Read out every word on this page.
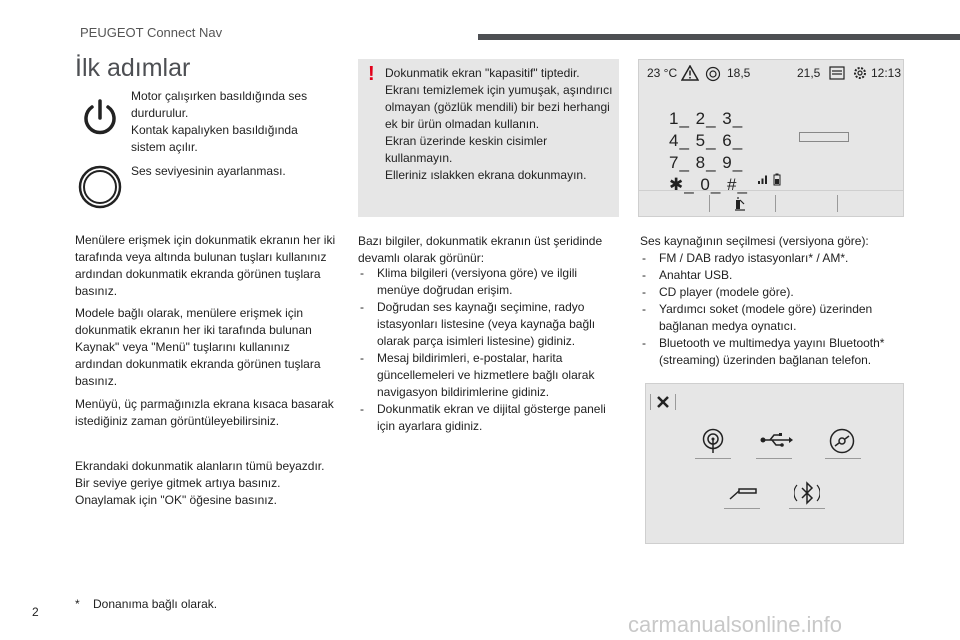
PEUGEOT Connect Nav
İlk adımlar
Motor çalışırken basıldığında ses durdurulur.
Kontak kapalıyken basıldığında sistem açılır.
Ses seviyesinin ayarlanması.
Menülere erişmek için dokunmatik ekranın her iki tarafında veya altında bulunan tuşları kullanınız ardından dokunmatik ekranda görünen tuşlara basınız.
Modele bağlı olarak, menülere erişmek için dokunmatik ekranın her iki tarafında bulunan Kaynak" veya "Menü" tuşlarını kullanınız ardından dokunmatik ekranda görünen tuşlara basınız.
Menüyü, üç parmağınızla ekrana kısaca basarak istediğiniz zaman görüntüleyebilirsiniz.
Ekrandaki dokunmatik alanların tümü beyazdır.
Bir seviye geriye gitmek artıya basınız.
Onaylamak için "OK" öğesine basınız.
! Dokunmatik ekran "kapasitif" tiptedir.
Ekranı temizlemek için yumuşak, aşındırıcı olmayan (gözlük mendili) bir bezi herhangi ek bir ürün olmadan kullanın.
Ekran üzerinde keskin cisimler kullanmayın.
Elleriniz ıslakken ekrana dokunmayın.
Bazı bilgiler, dokunmatik ekranın üst şeridinde devamlı olarak görünür:
- Klima bilgileri (versiyona göre) ve ilgili menüye doğrudan erişim.
- Doğrudan ses kaynağı seçimine, radyo istasyonları listesine (veya kaynağa bağlı olarak parça isimleri listesine) gidiniz.
- Mesaj bildirimleri, e-postalar, harita güncellemeleri ve hizmetlere bağlı olarak navigasyon bildirimlerine gidiniz.
- Dokunmatik ekran ve dijital gösterge paneli için ayarlara gidiniz.
23 °C	18,5	21,5	12:13
1_ 2_ 3_
4_ 5_ 6_
7_ 8_ 9_
✱_ 0_ #_
Ses kaynağının seçilmesi (versiyona göre):
- FM / DAB radyo istasyonları* / AM*.
- Anahtar USB.
- CD player (modele göre).
- Yardımcı soket (modele göre) üzerinden bağlanan medya oynatıcı.
- Bluetooth ve multimedya yayını Bluetooth* (streaming) üzerinden bağlanan telefon.
* Donanıma bağlı olarak.
2	carmanualsonline.info
